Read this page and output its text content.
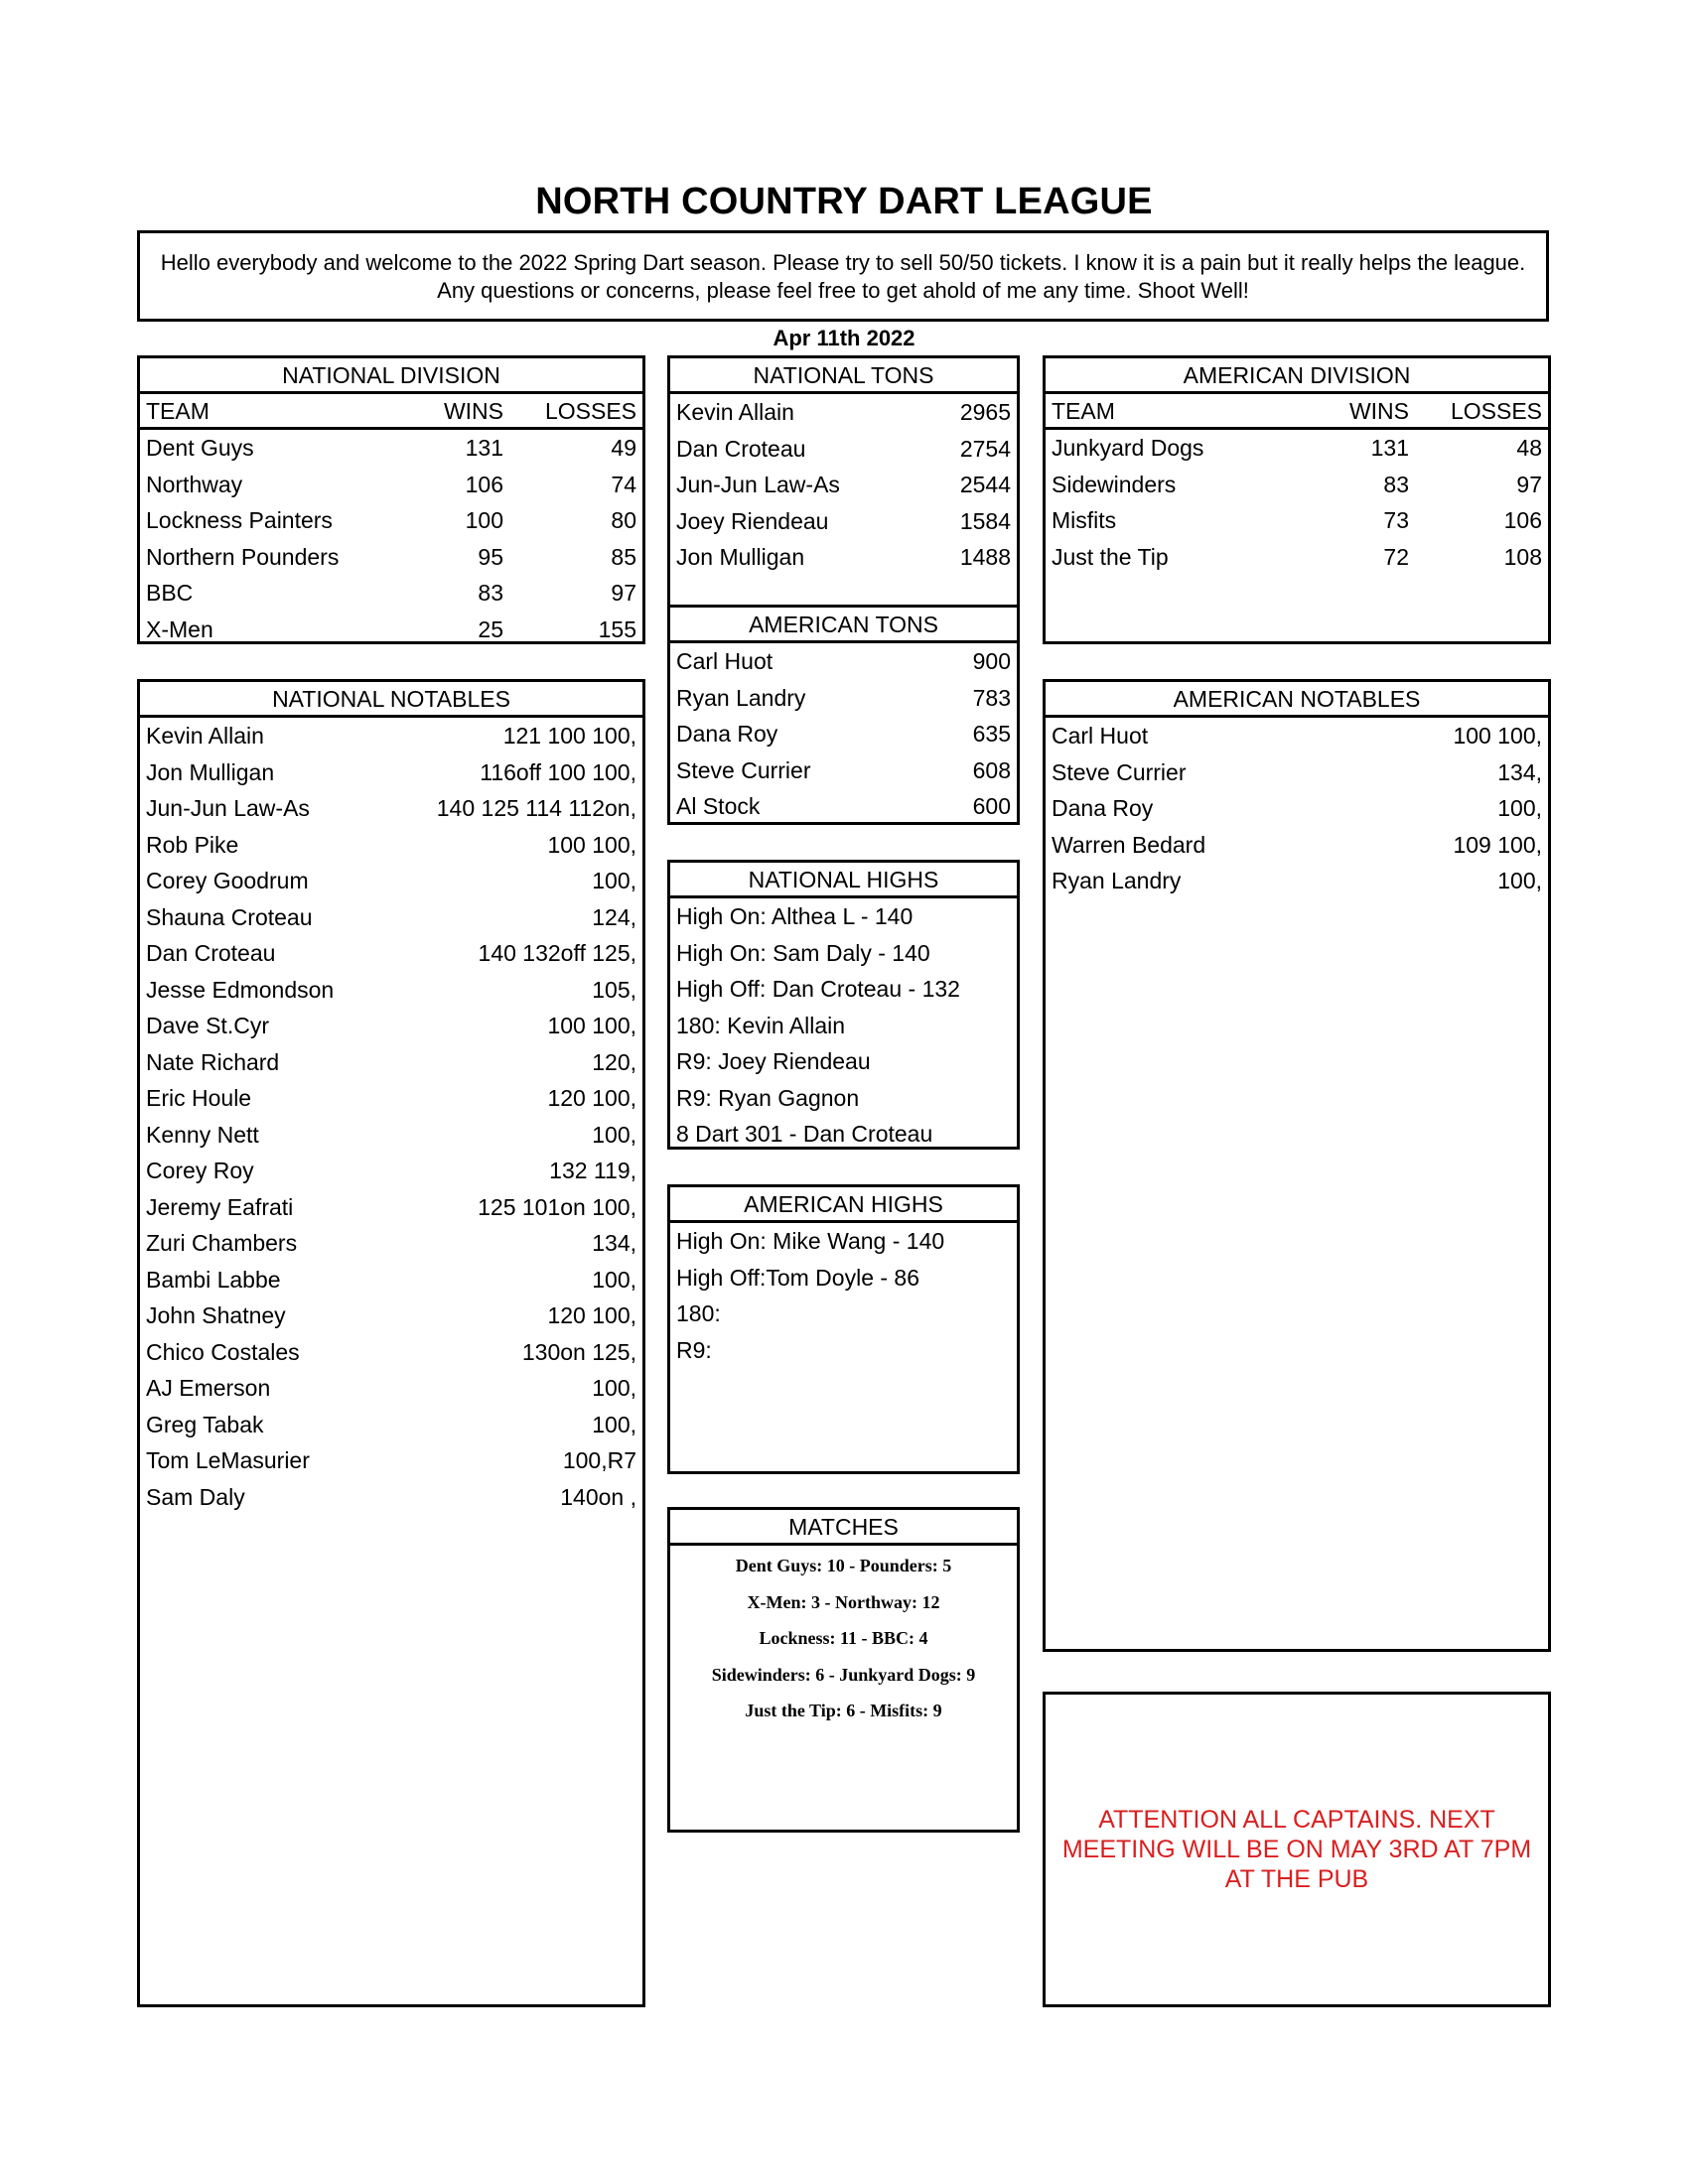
NORTH COUNTRY DART LEAGUE
Hello everybody and welcome to the 2022 Spring Dart season. Please try to sell 50/50 tickets. I know it is a pain but it really helps the league. Any questions or concerns, please feel free to get ahold of me any time. Shoot Well!
Apr 11th 2022
NATIONAL DIVISION
TEAM	WINS	LOSSES
Dent Guys	131	49
Northway	106	74
Lockness Painters	100	80
Northern Pounders	95	85
BBC	83	97
X-Men	25	155
NATIONAL TONS
Kevin Allain	2965
Dan Croteau	2754
Jun-Jun Law-As	2544
Joey Riendeau	1584
Jon Mulligan	1488
AMERICAN TONS
Carl Huot	900
Ryan Landry	783
Dana Roy	635
Steve Currier	608
Al Stock	600
AMERICAN DIVISION
TEAM	WINS	LOSSES
Junkyard Dogs	131	48
Sidewinders	83	97
Misfits	73	106
Just the Tip	72	108
NATIONAL NOTABLES
Kevin Allain	121 100 100,
Jon Mulligan	116off 100 100,
Jun-Jun Law-As	140 125 114 112on,
Rob Pike	100 100,
Corey Goodrum	100,
Shauna Croteau	124,
Dan Croteau	140 132off 125,
Jesse Edmondson	105,
Dave St.Cyr	100 100,
Nate Richard	120,
Eric Houle	120 100,
Kenny Nett	100,
Corey Roy	132 119,
Jeremy Eafrati	125 101on 100,
Zuri Chambers	134,
Bambi Labbe	100,
John Shatney	120 100,
Chico Costales	130on 125,
AJ Emerson	100,
Greg Tabak	100,
Tom LeMasurier	100,R7
Sam Daly	140on ,
AMERICAN NOTABLES
Carl Huot	100 100,
Steve Currier	134,
Dana Roy	100,
Warren Bedard	109 100,
Ryan Landry	100,
NATIONAL HIGHS
High On: Althea L - 140
High On: Sam Daly - 140
High Off: Dan Croteau - 132
180: Kevin Allain
R9: Joey Riendeau
R9: Ryan Gagnon
8 Dart 301 - Dan Croteau
AMERICAN HIGHS
High On: Mike Wang - 140
High Off:Tom Doyle - 86
180:
R9:
MATCHES
Dent Guys: 10 - Pounders: 5
X-Men: 3 - Northway: 12
Lockness: 11 - BBC: 4
Sidewinders: 6 - Junkyard Dogs: 9
Just the Tip: 6 - Misfits: 9
ATTENTION ALL CAPTAINS. NEXT MEETING WILL BE ON MAY 3RD AT 7PM AT THE PUB
